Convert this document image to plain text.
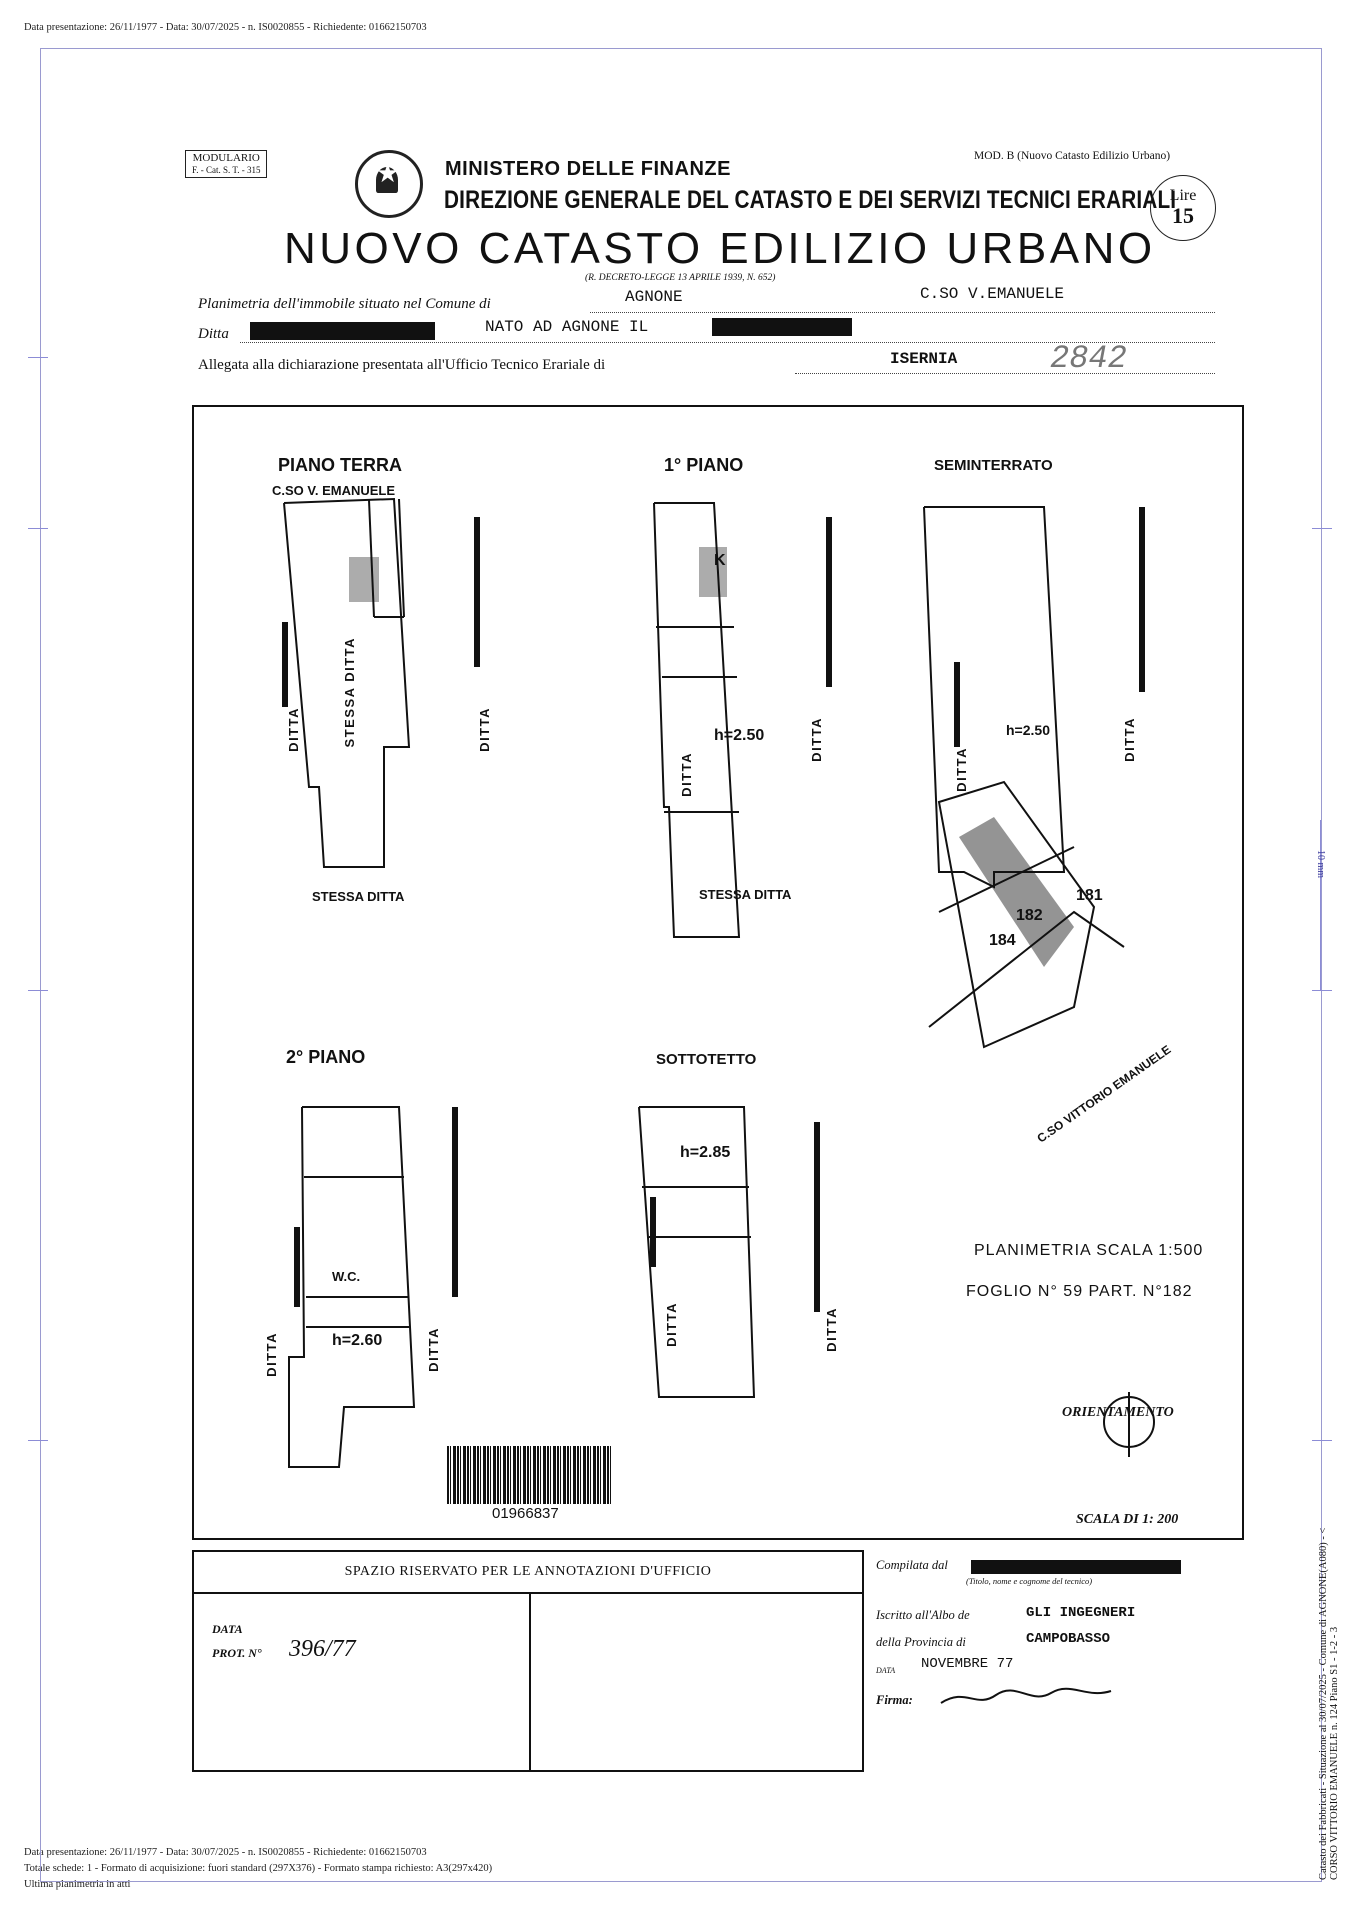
Data presentazione: 26/11/1977 - Data: 30/07/2025 - n. IS0020855 - Richiedente: 01662150703
Data presentazione: 26/11/1977 - Data: 30/07/2025 - n. IS0020855 - Richiedente: 01662150703
Totale schede: 1 - Formato di acquisizione: fuori standard (297X376) - Formato stampa richiesto: A3(297x420)
Ultima planimetria in atti
10 mm
Catasto dei Fabbricati - Situazione al 30/07/2025 - Comune di AGNONE(A080) - < CORSO VITTORIO EMANUELE n. 124 Piano S1 - 1-2 - 3
MODULARIO
F. - Cat. S. T. - 315
★	MINISTERO DELLE FINANZE
DIREZIONE GENERALE DEL CATASTO E DEI SERVIZI TECNICI ERARIALI
NUOVO CATASTO EDILIZIO URBANO
(R. DECRETO-LEGGE 13 APRILE 1939, N. 652)
MOD. B (Nuovo Catasto Edilizio Urbano)
Lire
15
Planimetria dell'immobile situato nel Comune di	AGNONE	C.SO V.EMANUELE
Ditta	NATO AD AGNONE IL
Allegata alla dichiarazione presentata all'Ufficio Tecnico Erariale di	ISERNIA	2842
PIANO TERRA
C.SO V. EMANUELE
1° PIANO	SEMINTERRATO
2° PIANO	SOTTOTETTO
DITTA	STESSA DITTA	DITTA
STESSA DITTA	STESSA DITTA
K
h=2.50
DITTA
DITTA	h=2.50
DITTA
DITTA
W.C.
h=2.60
DITTA	DITTA
h=2.85
DITTA	DITTA
182
181
184
C.SO VITTORIO EMANUELE
PLANIMETRIA SCALA 1:500
FOGLIO N° 59 PART. N°182
ORIENTAMENTO
SCALA DI 1: 200
01966837
SPAZIO RISERVATO PER LE ANNOTAZIONI D'UFFICIO
DATA
PROT. N° 396/77
Compilata dal
(Titolo, nome e cognome del tecnico)
Iscritto all'Albo de	GLI INGEGNERI
della Provincia di	CAMPOBASSO
DATA NOVEMBRE 77
Firma:
